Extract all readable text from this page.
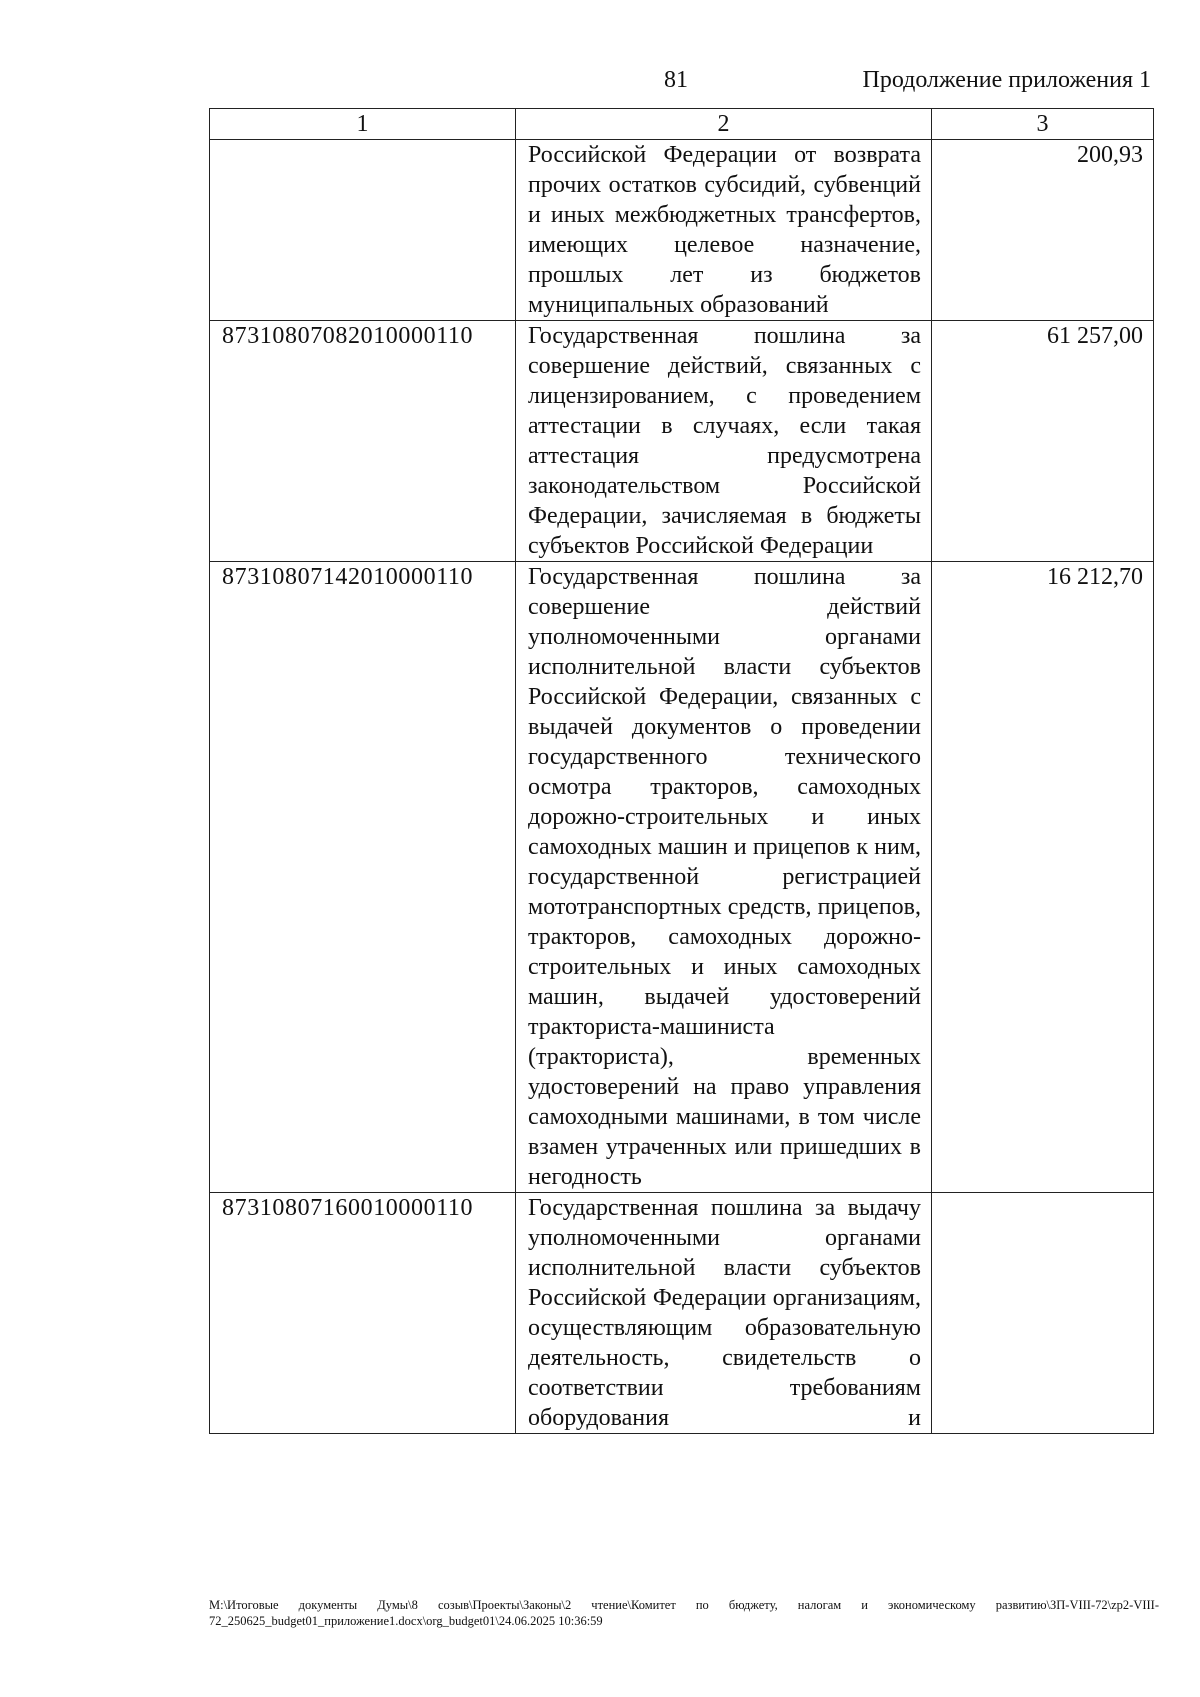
81	Продолжение приложения 1
1	2	3
	Российской Федерации от возврата прочих остатков субсидий, субвенций и иных межбюджетных трансфертов, имеющих целевое назначение, прошлых лет из бюджетов муниципальных образований	200,93
87310807082010000110	Государственная пошлина за совершение действий, связанных с лицензированием, с проведением аттестации в случаях, если такая аттестация предусмотрена законодательством Российской Федерации, зачисляемая в бюджеты субъектов Российской Федерации	61 257,00
87310807142010000110	Государственная пошлина за совершение действий уполномоченными органами исполнительной власти субъектов Российской Федерации, связанных с выдачей документов о проведении государственного технического осмотра тракторов, самоходных дорожно-строительных и иных самоходных машин и прицепов к ним, государственной регистрацией мототранспортных средств, прицепов, тракторов, самоходных дорожно-строительных и иных самоходных машин, выдачей удостоверений тракториста-машиниста (тракториста), временных удостоверений на право управления самоходными машинами, в том числе взамен утраченных или пришедших в негодность	16 212,70
87310807160010000110	Государственная пошлина за выдачу уполномоченными органами исполнительной власти субъектов Российской Федерации организациям, осуществляющим образовательную деятельность, свидетельств о соответствии требованиям оборудования и	
M:\Итоговые документы Думы\8 созыв\Проекты\Законы\2 чтение\Комитет по бюджету, налогам и экономическому развитию\ЗП-VIII-72\zp2-VIII-72_250625_budget01_приложение1.docx\org_budget01\24.06.2025 10:36:59
